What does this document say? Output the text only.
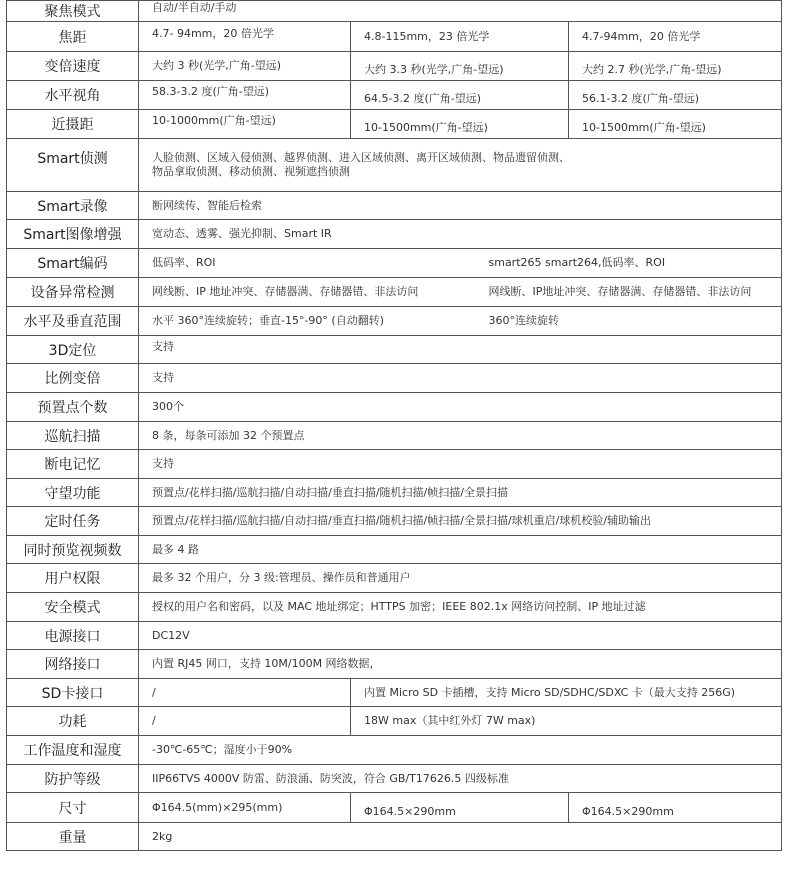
聚焦模式	自动/半自动/手动			
焦距	4.7- 94mm，20 倍光学	4.8-115mm，23 倍光学		4.7-94mm，20 倍光学
变倍速度	大约 3 秒(光学,广角-望远)	大约 3.3 秒(光学,广角-望远)		大约 2.7 秒(光学,广角-望远)
水平视角	58.3-3.2 度(广角-望远)	64.5-3.2 度(广角-望远)		56.1-3.2 度(广角-望远)
近摄距	10-1000mm(广角-望远)	10-1500mm(广角-望远)		10-1500mm(广角-望远)
Smart侦测	人脸侦测、区域入侵侦测、越界侦测、进入区域侦测、离开区域侦测、物品遗留侦测、
物品拿取侦测、移动侦测、视频遮挡侦测			

Smart录像	断网续传、智能后检索			
Smart图像增强	宽动态、透雾、强光抑制、Smart IR			
Smart编码	低码率、ROI		smart265 smart264,低码率、ROI	
设备异常检测	网线断、IP 地址冲突、存储器满、存储器错、非法访问		网线断、IP地址冲突、存储器满、存储器错、非法访问	
水平及垂直范围	水平 360°连续旋转；垂直-15°-90° (自动翻转)		360°连续旋转	
3D定位	支持			
比例变倍	支持			
预置点个数	300个			
巡航扫描	8 条，每条可添加 32 个预置点			
断电记忆	支持			
守望功能	预置点/花样扫描/巡航扫描/自动扫描/垂直扫描/随机扫描/帧扫描/全景扫描			
定时任务	预置点/花样扫描/巡航扫描/自动扫描/垂直扫描/随机扫描/帧扫描/全景扫描/球机重启/球机校验/辅助输出			
同时预览视频数	最多 4 路			
用户权限	最多 32 个用户，分 3 级:管理员、操作员和普通用户			
安全模式	授权的用户名和密码，以及 MAC 地址绑定；HTTPS 加密；IEEE 802.1x 网络访问控制、IP 地址过滤			
电源接口	DC12V			
网络接口	内置 RJ45 网口，支持 10M/100M 网络数据，			
SD卡接口	/	内置 Micro SD 卡插槽，支持 Micro SD/SDHC/SDXC 卡（最大支持 256G)		
功耗	/	18W max（其中红外灯 7W max)		
工作温度和湿度	-30℃-65℃；湿度小于90%			
防护等级	IIP66TVS 4000V 防雷、防浪涌、防突波，符合 GB/T17626.5 四级标准			
尺寸	Φ164.5(mm)×295(mm)	Φ164.5×290mm		Φ164.5×290mm
重量	2kg			
